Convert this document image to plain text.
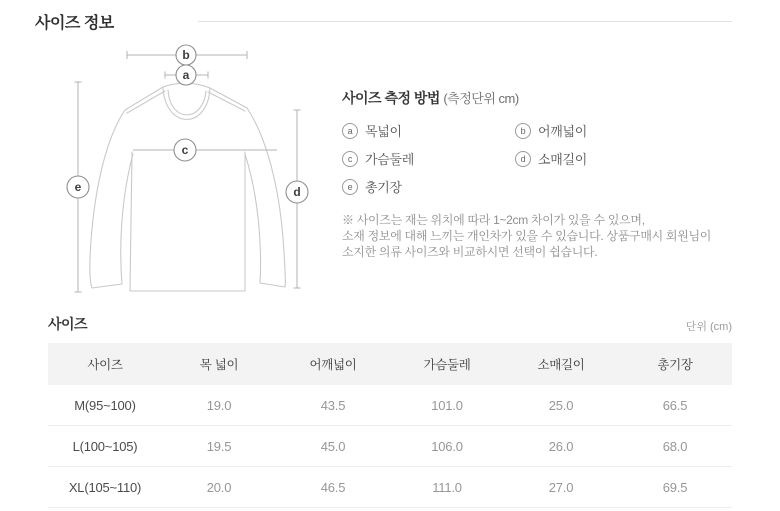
사이즈 정보
b
a
c
e	d
사이즈 측정 방법 (측정단위 cm)
a 목넓이	b 어깨넓이
c 가슴둘레	d 소매길이
e 총기장
※ 사이즈는 재는 위치에 따라 1~2cm 차이가 있을 수 있으며,
소재 정보에 대해 느끼는 개인차가 있을 수 있습니다. 상품구매시 회원님이
소지한 의류 사이즈와 비교하시면 선택이 쉽습니다.
사이즈	단위 (cm)
사이즈	목 넓이	어깨넓이	가슴둘레	소매길이	총기장
M(95~100)	19.0	43.5	101.0	25.0	66.5
L(100~105)	19.5	45.0	106.0	26.0	68.0
XL(105~110)	20.0	46.5	111.0	27.0	69.5
